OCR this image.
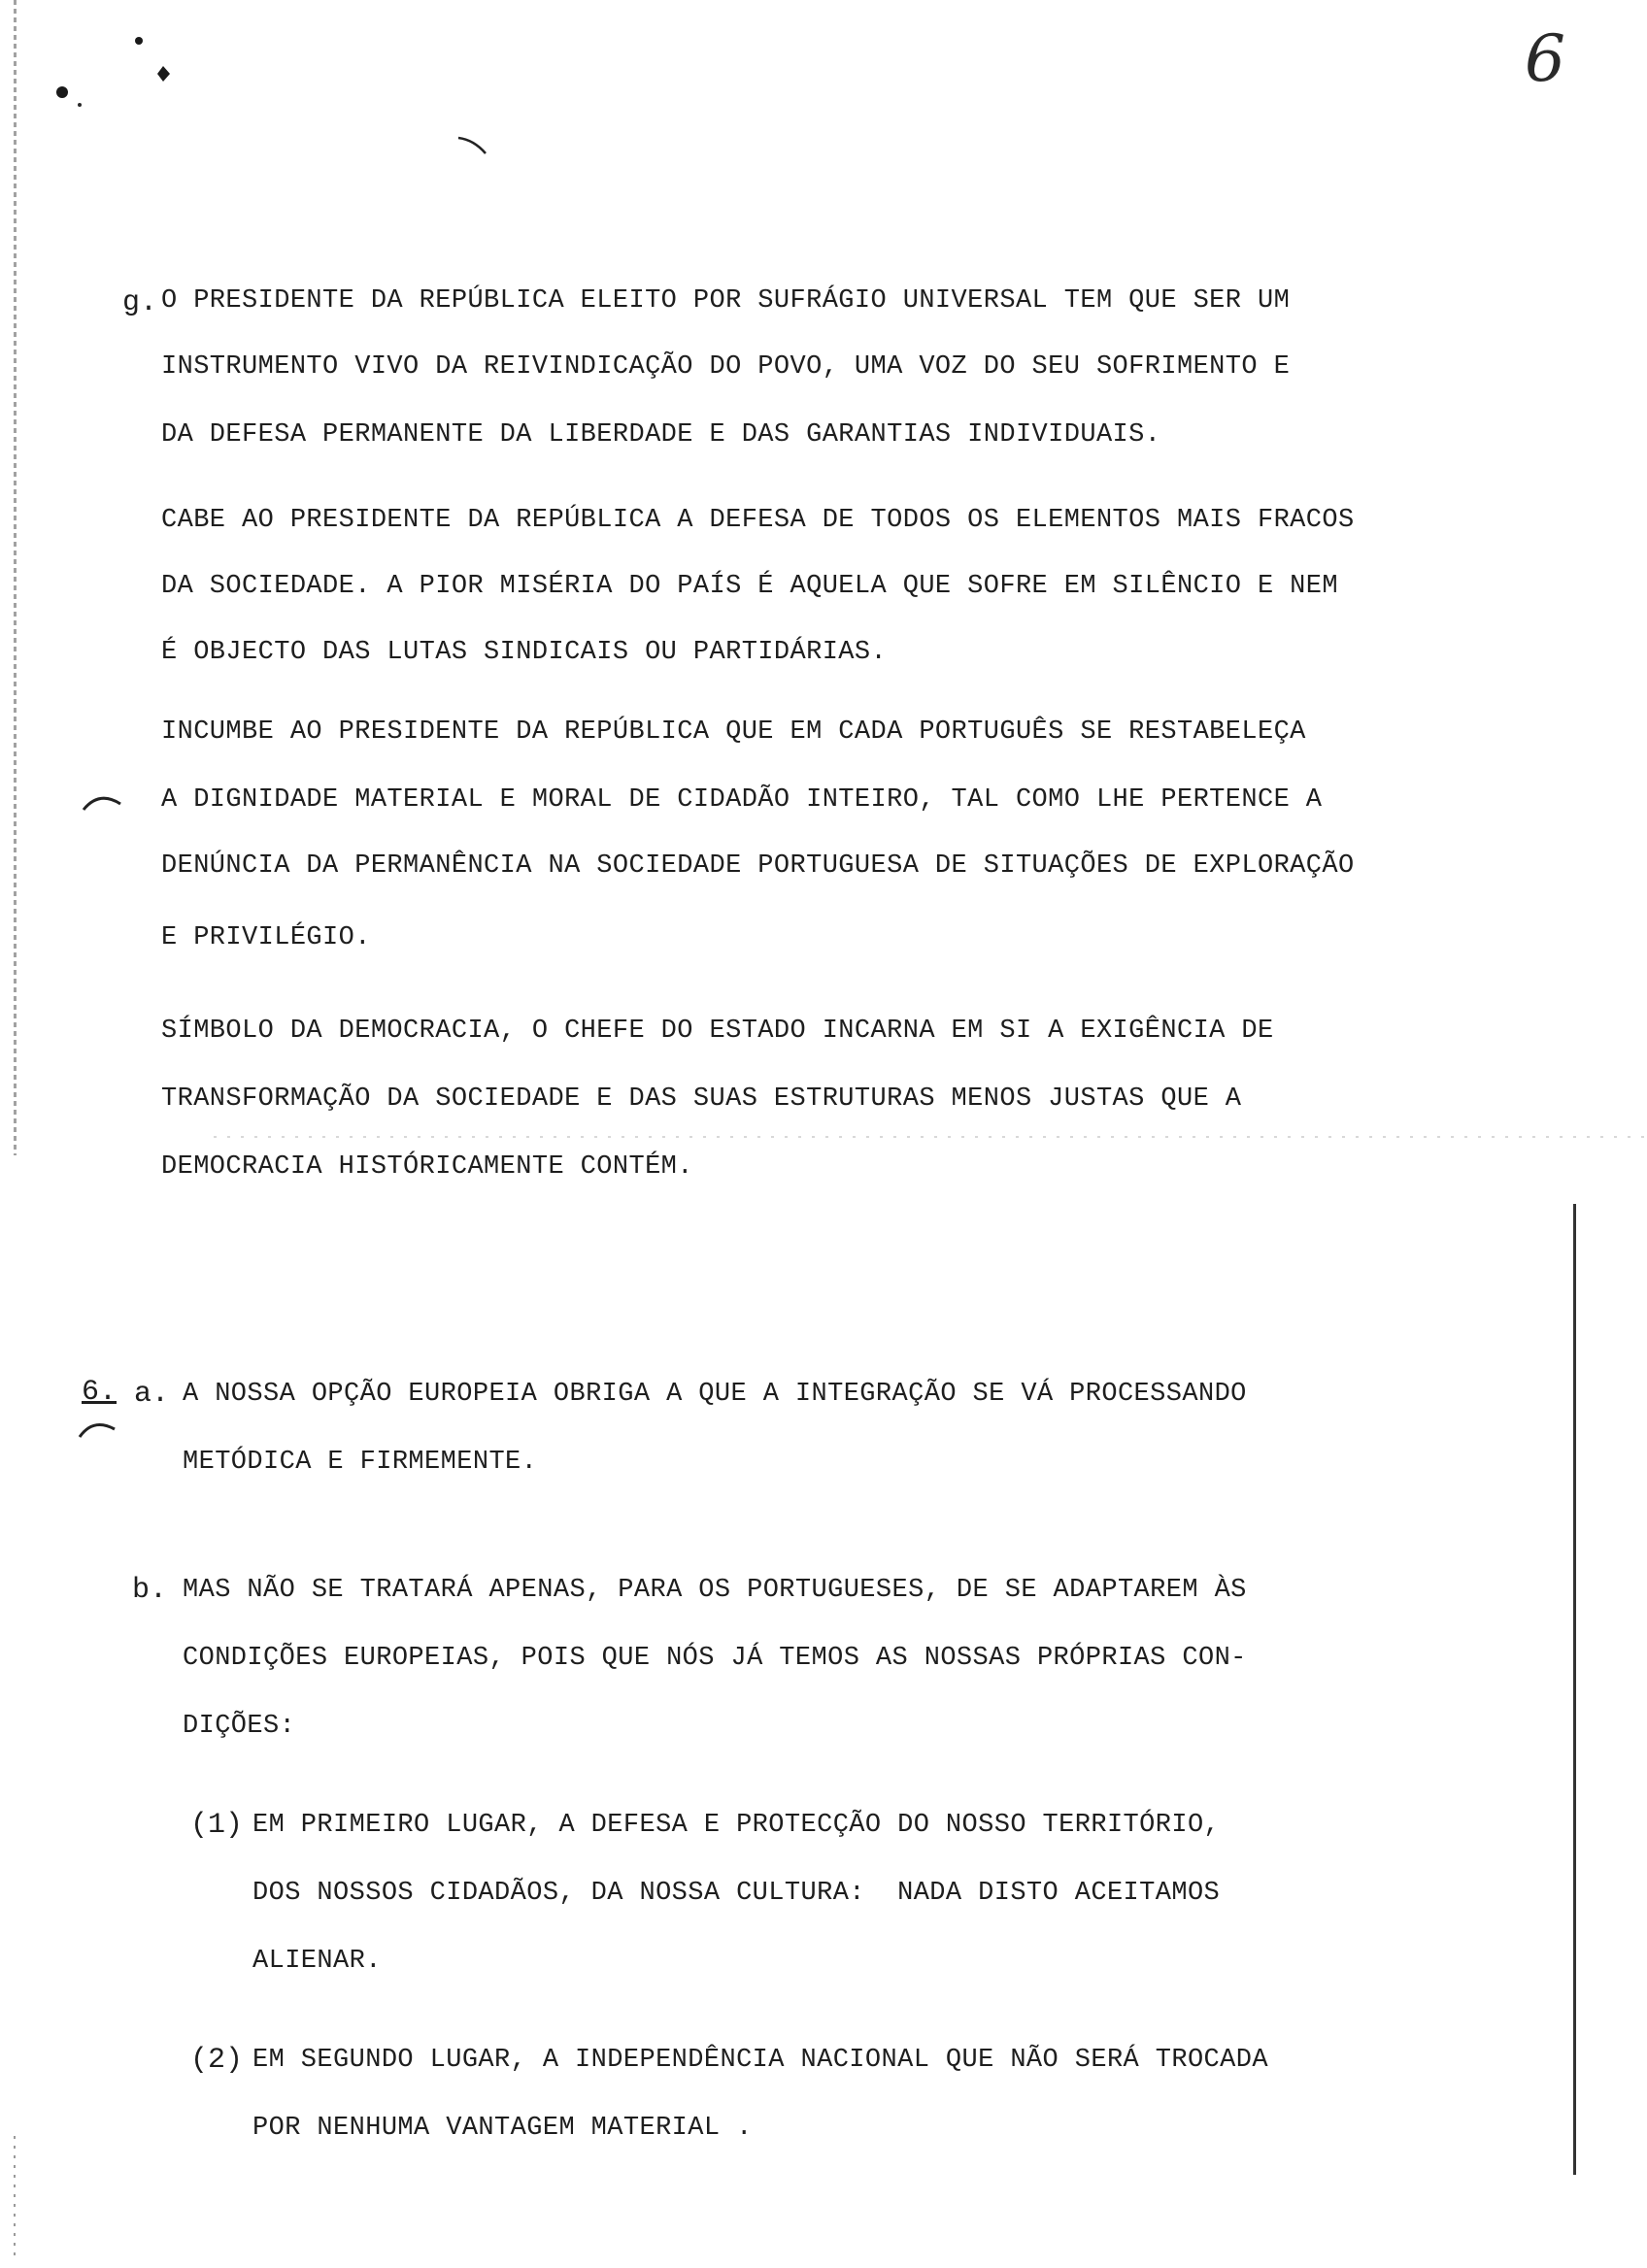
6
g. O PRESIDENTE DA REPÚBLICA ELEITO POR SUFRÁGIO UNIVERSAL TEM QUE SER UM
INSTRUMENTO VIVO DA REIVINDICAÇÃO DO POVO, UMA VOZ DO SEU SOFRIMENTO E
DA DEFESA PERMANENTE DA LIBERDADE E DAS GARANTIAS INDIVIDUAIS.
CABE AO PRESIDENTE DA REPÚBLICA A DEFESA DE TODOS OS ELEMENTOS MAIS FRACOS
DA SOCIEDADE. A PIOR MISÉRIA DO PAÍS É AQUELA QUE SOFRE EM SILÊNCIO E NEM
É OBJECTO DAS LUTAS SINDICAIS OU PARTIDÁRIAS.
INCUMBE AO PRESIDENTE DA REPÚBLICA QUE EM CADA PORTUGUÊS SE RESTABELEÇA
A DIGNIDADE MATERIAL E MORAL DE CIDADÃO INTEIRO, TAL COMO LHE PERTENCE A
DENÚNCIA DA PERMANÊNCIA NA SOCIEDADE PORTUGUESA DE SITUAÇÕES DE EXPLORAÇÃO
E PRIVILÉGIO.
SÍMBOLO DA DEMOCRACIA, O CHEFE DO ESTADO INCARNA EM SI A EXIGÊNCIA DE
TRANSFORMAÇÃO DA SOCIEDADE E DAS SUAS ESTRUTURAS MENOS JUSTAS QUE A
DEMOCRACIA HISTÓRICAMENTE CONTÉM.
6. a. A NOSSA OPÇÃO EUROPEIA OBRIGA A QUE A INTEGRAÇÃO SE VÁ PROCESSANDO
METÓDICA E FIRMEMENTE.
b. MAS NÃO SE TRATARÁ APENAS, PARA OS PORTUGUESES, DE SE ADAPTAREM ÀS
CONDIÇÕES EUROPEIAS, POIS QUE NÓS JÁ TEMOS AS NOSSAS PRÓPRIAS CON-
DIÇÕES:
(1) EM PRIMEIRO LUGAR, A DEFESA E PROTECÇÃO DO NOSSO TERRITÓRIO,
DOS NOSSOS CIDADÃOS, DA NOSSA CULTURA:  NADA DISTO ACEITAMOS
ALIENAR.
(2) EM SEGUNDO LUGAR, A INDEPENDÊNCIA NACIONAL QUE NÃO SERÁ TROCADA
POR NENHUMA VANTAGEM MATERIAL .
